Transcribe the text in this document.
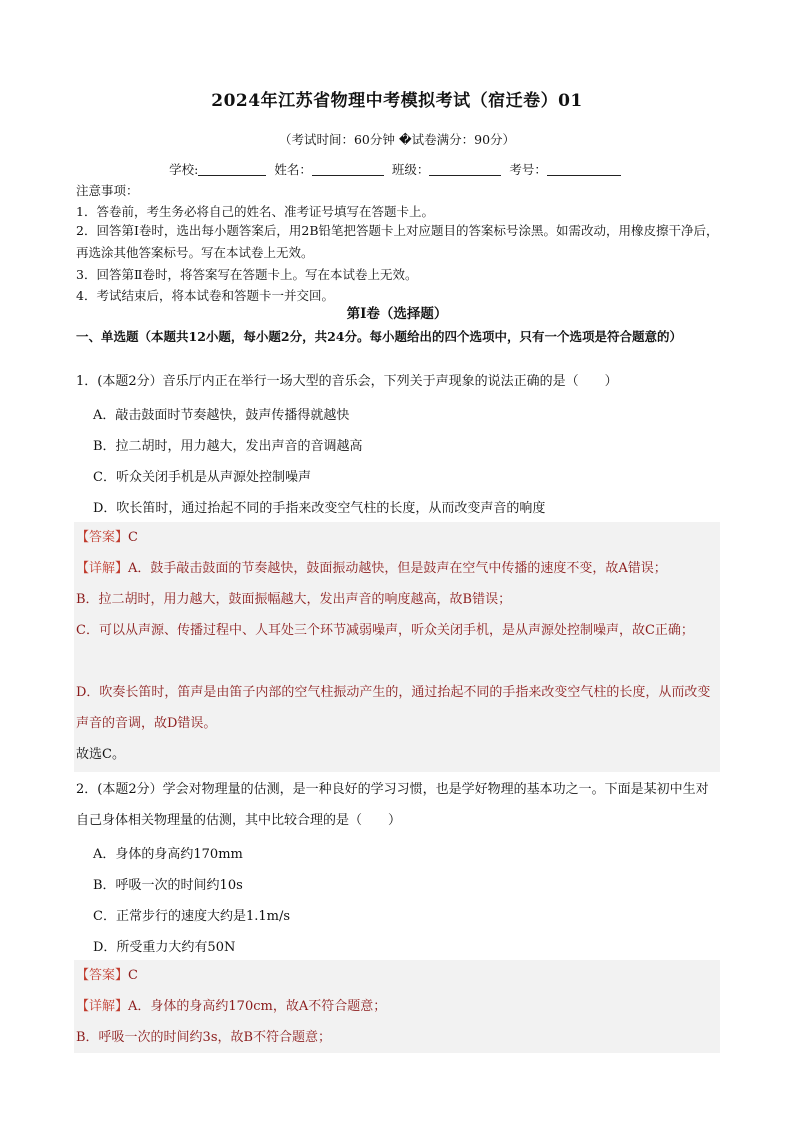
2024年江苏省物理中考模拟考试（宿迁卷）01
（考试时间：60分钟 �试卷满分：90分）
学校:	姓名：	班级：	考号：
注意事项：
1．答卷前，考生务必将自己的姓名、准考证号填写在答题卡上。
2．回答第Ⅰ卷时，选出每小题答案后，用2B铅笔把答题卡上对应题目的答案标号涂黑。如需改动，用橡皮擦干净后，再选涂其他答案标号。写在本试卷上无效。
3．回答第Ⅱ卷时，将答案写在答题卡上。写在本试卷上无效。
4．考试结束后，将本试卷和答题卡一并交回。
第Ⅰ卷（选择题）
一、单选题（本题共12小题，每小题2分，共24分。每小题给出的四个选项中，只有一个选项是符合题意的）
1．(本题2分）音乐厅内正在举行一场大型的音乐会，下列关于声现象的说法正确的是（　　）
A．敲击鼓面时节奏越快，鼓声传播得就越快
B．拉二胡时，用力越大，发出声音的音调越高
C．听众关闭手机是从声源处控制噪声
D．吹长笛时，通过抬起不同的手指来改变空气柱的长度，从而改变声音的响度
【答案】C
【详解】A．鼓手敲击鼓面的节奏越快，鼓面振动越快，但是鼓声在空气中传播的速度不变，故A错误；
B．拉二胡时，用力越大，鼓面振幅越大，发出声音的响度越高，故B错误；
C．可以从声源、传播过程中、人耳处三个环节减弱噪声，听众关闭手机，是从声源处控制噪声，故C正确；
D．吹奏长笛时，笛声是由笛子内部的空气柱振动产生的，通过抬起不同的手指来改变空气柱的长度，从而改变声音的音调，故D错误。
故选C。
2．(本题2分）学会对物理量的估测，是一种良好的学习习惯，也是学好物理的基本功之一。下面是某初中生对自己身体相关物理量的估测，其中比较合理的是（　　）
A．身体的身高约170mm
B．呼吸一次的时间约10s
C．正常步行的速度大约是1.1m/s
D．所受重力大约有50N
【答案】C
【详解】A．身体的身高约170cm，故A不符合题意；
B．呼吸一次的时间约3s，故B不符合题意；
